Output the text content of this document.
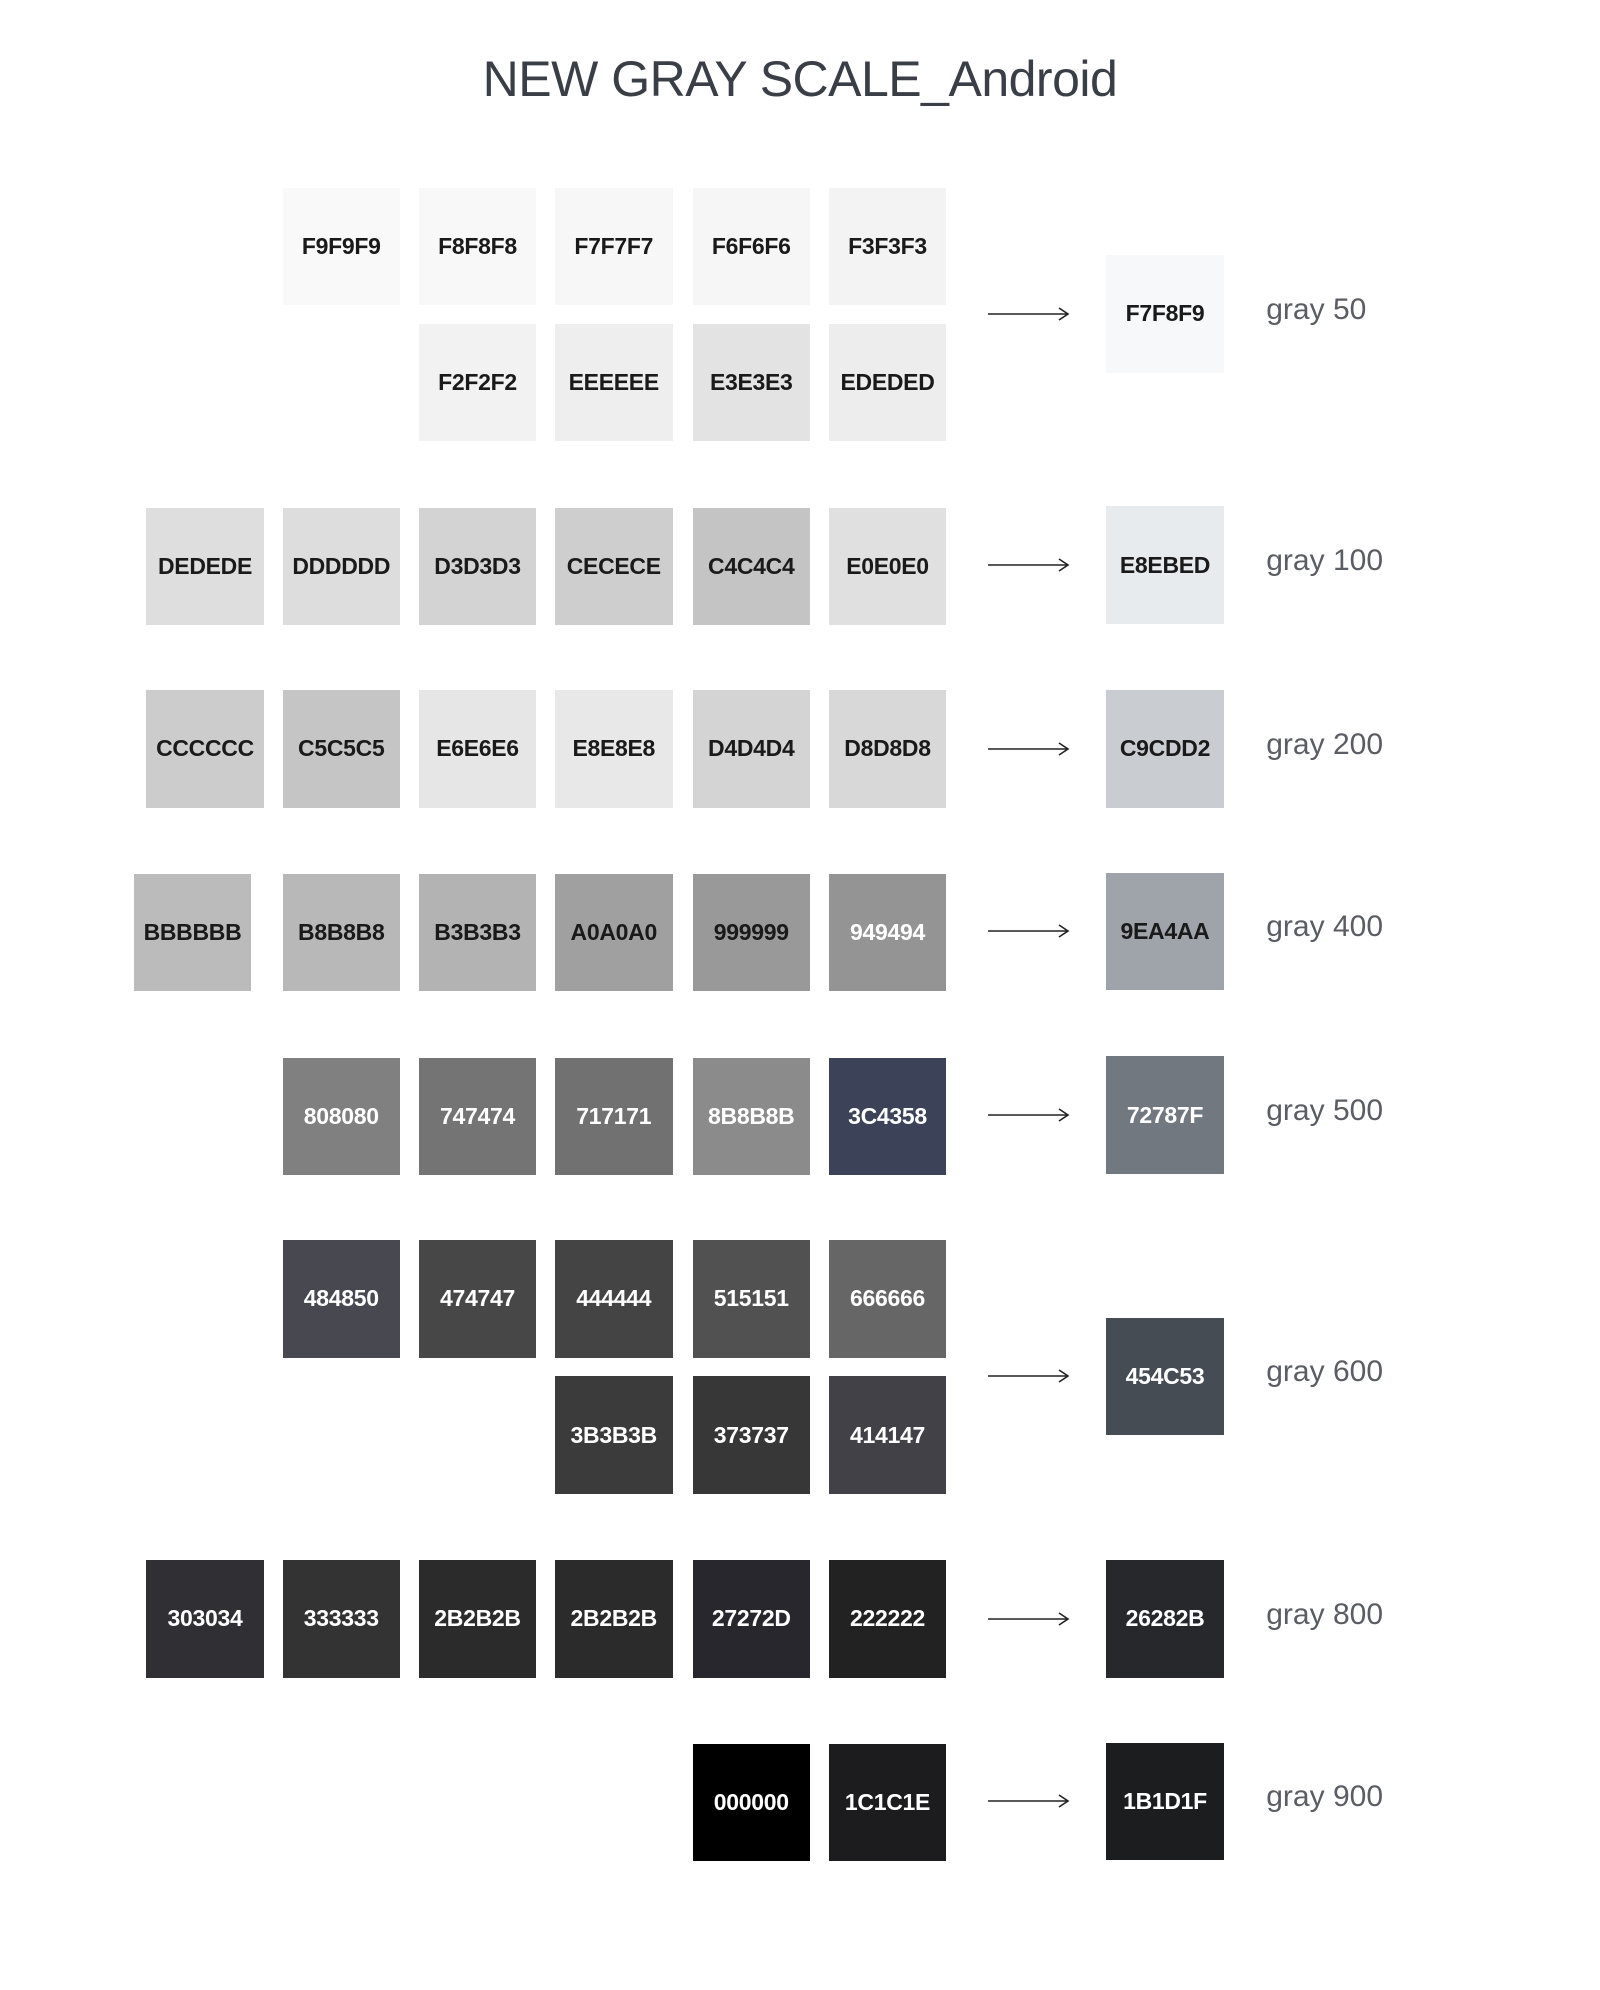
NEW GRAY SCALE_Android
F9F9F9	F8F8F8	F7F7F7	F6F6F6	F3F3F3
F2F2F2	EEEEEE	E3E3E3	EDEDED
F7F8F9	gray 50
DEDEDE	DDDDDD	D3D3D3	CECECE	C4C4C4	E0E0E0	E8EBED	gray 100
CCCCCC	C5C5C5	E6E6E6	E8E8E8	D4D4D4	D8D8D8	C9CDD2	gray 200
BBBBBB	B8B8B8	B3B3B3	A0A0A0	999999	949494	9EA4AA	gray 400
808080	747474	717171	8B8B8B	3C4358	72787F	gray 500
484850	474747	444444	515151	666666
3B3B3B	373737	414147
454C53	gray 600
303034	333333	2B2B2B	2B2B2B	27272D	222222	26282B	gray 800
000000	1C1C1E	1B1D1F	gray 900
